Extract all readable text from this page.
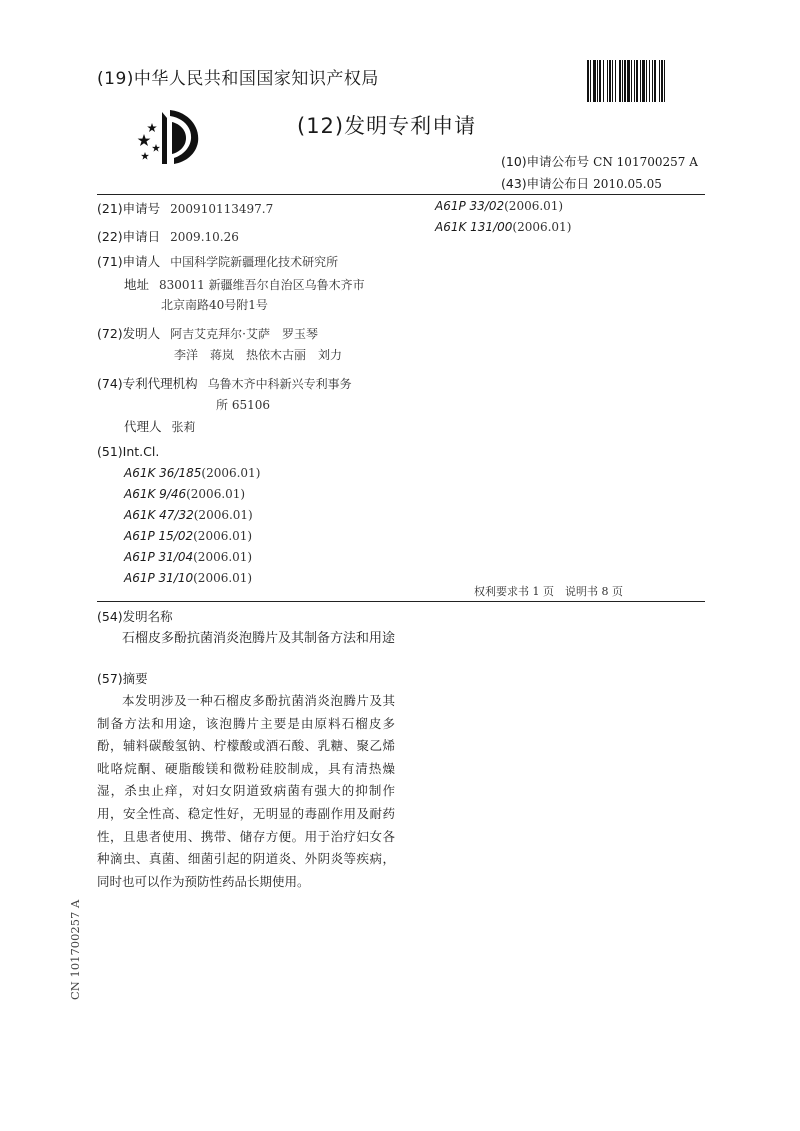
(19)中华人民共和国国家知识产权局
(12)发明专利申请
(10)申请公布号 CN 101700257 A
(43)申请公布日 2010.05.05
(21)申请号 200910113497.7
(22)申请日 2009.10.26
(71)申请人 中国科学院新疆理化技术研究所
地址 830011 新疆维吾尔自治区乌鲁木齐市
北京南路40号附1号
(72)发明人 阿吉艾克拜尔·艾萨　罗玉琴
李洋　蒋岚　热依木古丽　刘力
(74)专利代理机构 乌鲁木齐中科新兴专利事务
所 65106
代理人 张莉
(51)Int.Cl.
A61K 36/185(2006.01)
A61K 9/46(2006.01)
A61K 47/32(2006.01)
A61P 15/02(2006.01)
A61P 31/04(2006.01)
A61P 31/10(2006.01)
A61P 33/02(2006.01)
A61K 131/00(2006.01)
权利要求书 1 页　说明书 8 页
(54)发明名称
石榴皮多酚抗菌消炎泡腾片及其制备方法和用途
(57)摘要
本发明涉及一种石榴皮多酚抗菌消炎泡腾片及其制备方法和用途，该泡腾片主要是由原料石榴皮多酚，辅料碳酸氢钠、柠檬酸或酒石酸、乳糖、聚乙烯吡咯烷酮、硬脂酸镁和微粉硅胶制成，具有清热燥湿，杀虫止痒，对妇女阴道致病菌有强大的抑制作用，安全性高、稳定性好，无明显的毒副作用及耐药性，且患者使用、携带、储存方便。用于治疗妇女各种滴虫、真菌、细菌引起的阴道炎、外阴炎等疾病，同时也可以作为预防性药品长期使用。
CN 101700257 A
